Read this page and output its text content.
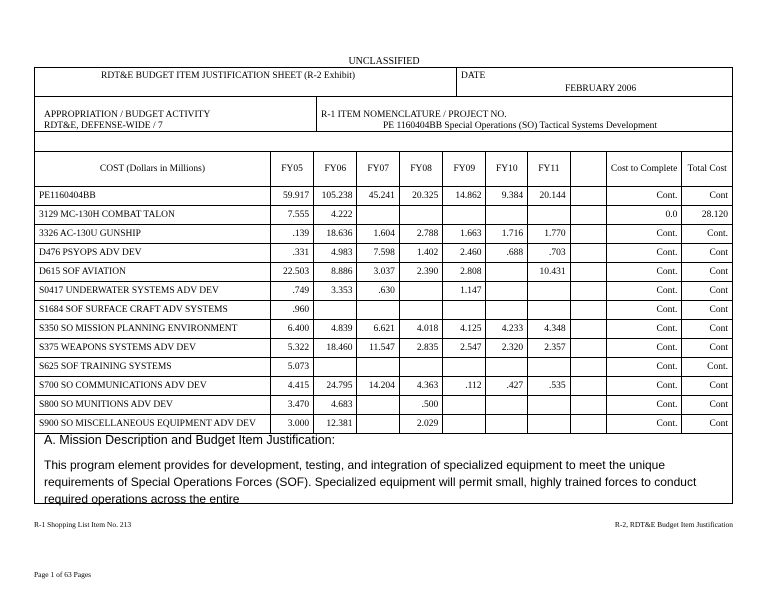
UNCLASSIFIED
RDT&E BUDGET ITEM JUSTIFICATION SHEET (R-2 Exhibit)	DATE
FEBRUARY 2006
APPROPRIATION / BUDGET ACTIVITY
RDT&E, DEFENSE-WIDE / 7
R-1 ITEM NOMENCLATURE / PROJECT NO.
PE 1160404BB Special Operations (SO) Tactical Systems Development
COST (Dollars in Millions)	FY05	FY06	FY07	FY08	FY09	FY10	FY11		Cost to Complete	Total Cost
PE1160404BB	59.917	105.238	45.241	20.325	14.862	9.384	20.144		Cont.	Cont
3129 MC-130H COMBAT TALON	7.555	4.222							0.0	28.120
3326 AC-130U GUNSHIP	.139	18.636	1.604	2.788	1.663	1.716	1.770		Cont.	Cont.
D476 PSYOPS ADV DEV	.331	4.983	7.598	1.402	2.460	.688	.703		Cont.	Cont
D615 SOF AVIATION	22.503	8.886	3.037	2.390	2.808		10.431		Cont.	Cont
S0417 UNDERWATER SYSTEMS ADV DEV	.749	3.353	.630		1.147				Cont.	Cont
S1684 SOF SURFACE CRAFT ADV SYSTEMS	.960								Cont.	Cont
S350 SO MISSION PLANNING ENVIRONMENT	6.400	4.839	6.621	4.018	4.125	4.233	4.348		Cont.	Cont
S375 WEAPONS SYSTEMS ADV DEV	5.322	18.460	11.547	2.835	2.547	2.320	2.357		Cont.	Cont
S625 SOF TRAINING SYSTEMS	5.073								Cont.	Cont.
S700 SO COMMUNICATIONS ADV DEV	4.415	24.795	14.204	4.363	.112	.427	.535		Cont.	Cont
S800 SO MUNITIONS ADV DEV	3.470	4.683		.500					Cont.	Cont
S900 SO MISCELLANEOUS EQUIPMENT ADV DEV	3.000	12.381		2.029					Cont.	Cont
A. Mission Description and Budget Item Justification:
This program element provides for development, testing, and integration of specialized equipment to meet the unique requirements of Special Operations Forces (SOF). Specialized equipment will permit small, highly trained forces to conduct required operations across the entire
R-1 Shopping List Item No. 213	R-2, RDT&E Budget Item Justification
Page 1 of 63 Pages
